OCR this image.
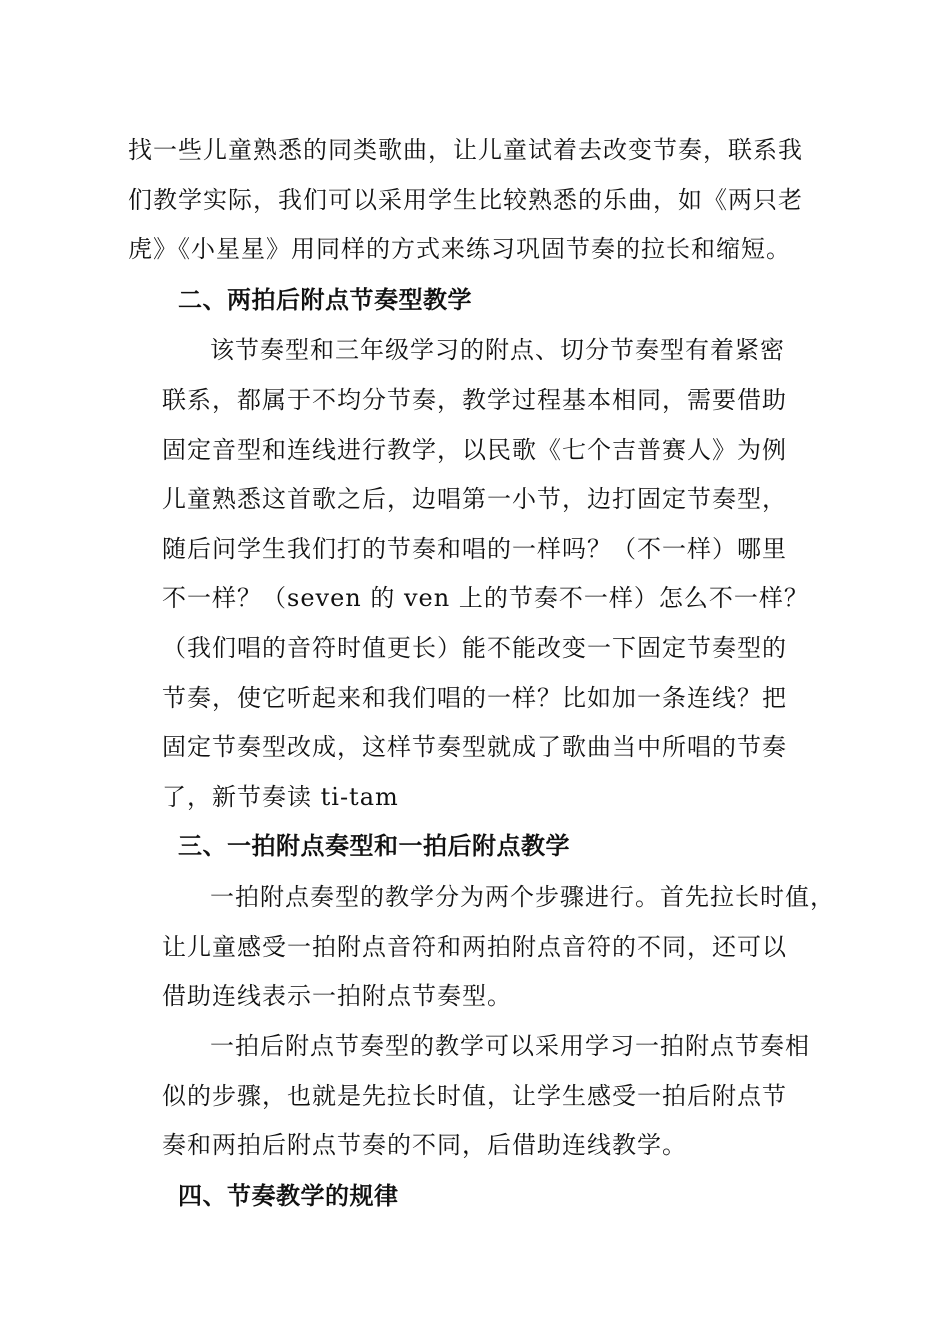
找一些儿童熟悉的同类歌曲，让儿童试着去改变节奏，联系我
们教学实际，我们可以采用学生比较熟悉的乐曲，如《两只老
虎》《小星星》用同样的方式来练习巩固节奏的拉长和缩短。
二、两拍后附点节奏型教学
该节奏型和三年级学习的附点、切分节奏型有着紧密
联系，都属于不均分节奏，教学过程基本相同，需要借助
固定音型和连线进行教学，以民歌《七个吉普赛人》为例
儿童熟悉这首歌之后，边唱第一小节，边打固定节奏型，
随后问学生我们打的节奏和唱的一样吗？（不一样）哪里
不一样？（seven 的 ven 上的节奏不一样）怎么不一样？
（我们唱的音符时值更长）能不能改变一下固定节奏型的
节奏，使它听起来和我们唱的一样？比如加一条连线？把
固定节奏型改成，这样节奏型就成了歌曲当中所唱的节奏
了，新节奏读 ti-tam
三、一拍附点奏型和一拍后附点教学
一拍附点奏型的教学分为两个步骤进行。首先拉长时值，
让儿童感受一拍附点音符和两拍附点音符的不同，还可以
借助连线表示一拍附点节奏型。
一拍后附点节奏型的教学可以采用学习一拍附点节奏相
似的步骤，也就是先拉长时值，让学生感受一拍后附点节
奏和两拍后附点节奏的不同，后借助连线教学。
四、节奏教学的规律
